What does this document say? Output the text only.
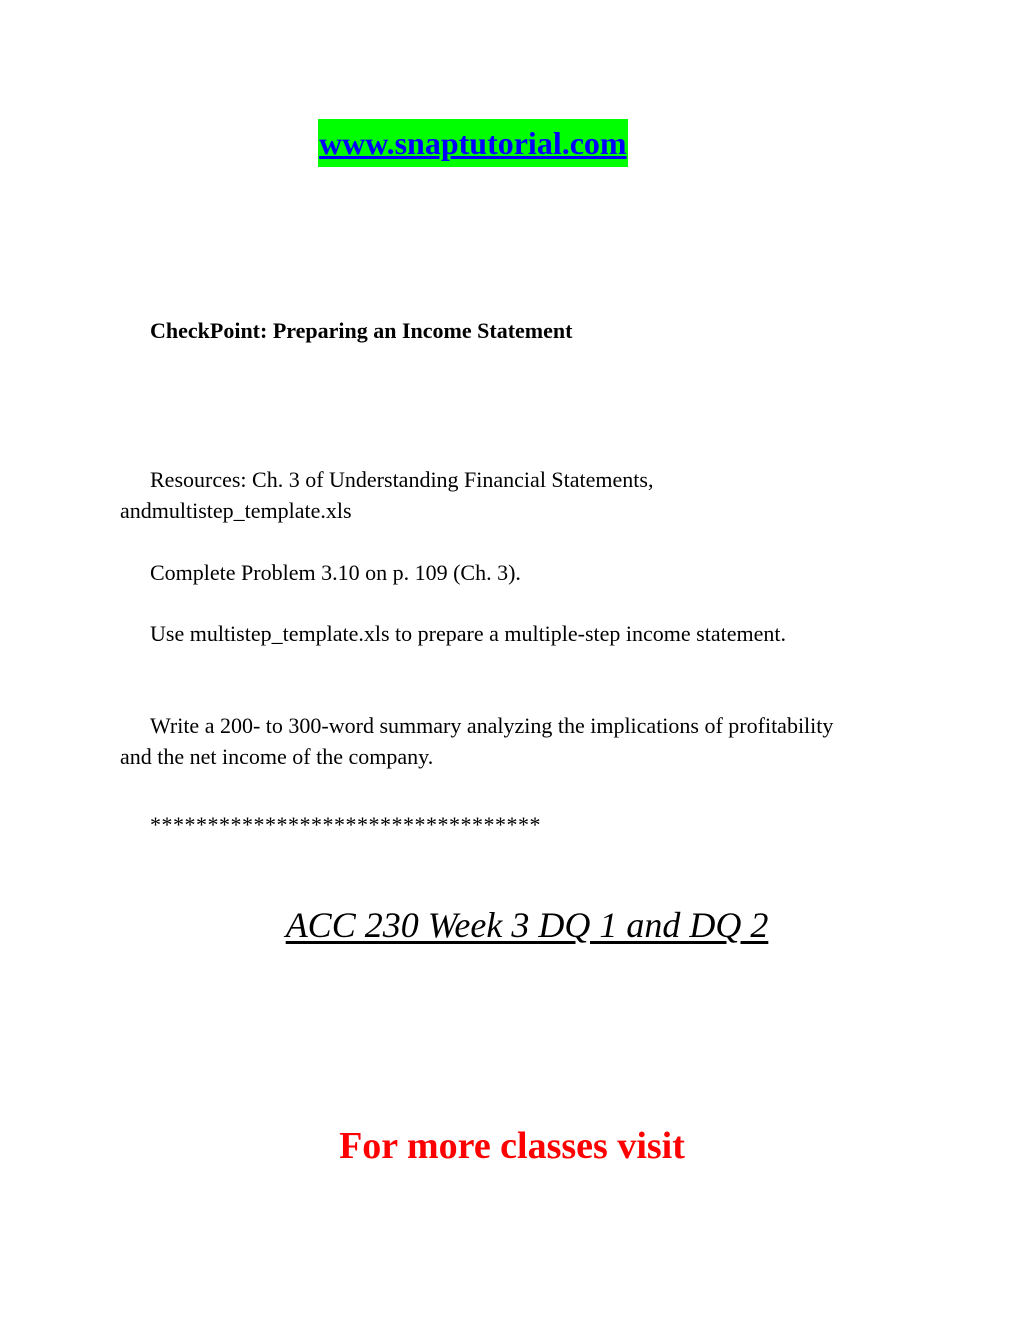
www.snaptutorial.com
CheckPoint: Preparing an Income Statement

Resources: Ch. 3 of Understanding Financial Statements, andmultistep_template.xls

Complete Problem 3.10 on p. 109 (Ch. 3).

Use multistep_template.xls to prepare a multiple-step income statement.

Write a 200- to 300-word summary analyzing the implications of profitability and the net income of the company.

**********************************
ACC 230 Week 3 DQ 1 and DQ 2
For more classes visit
